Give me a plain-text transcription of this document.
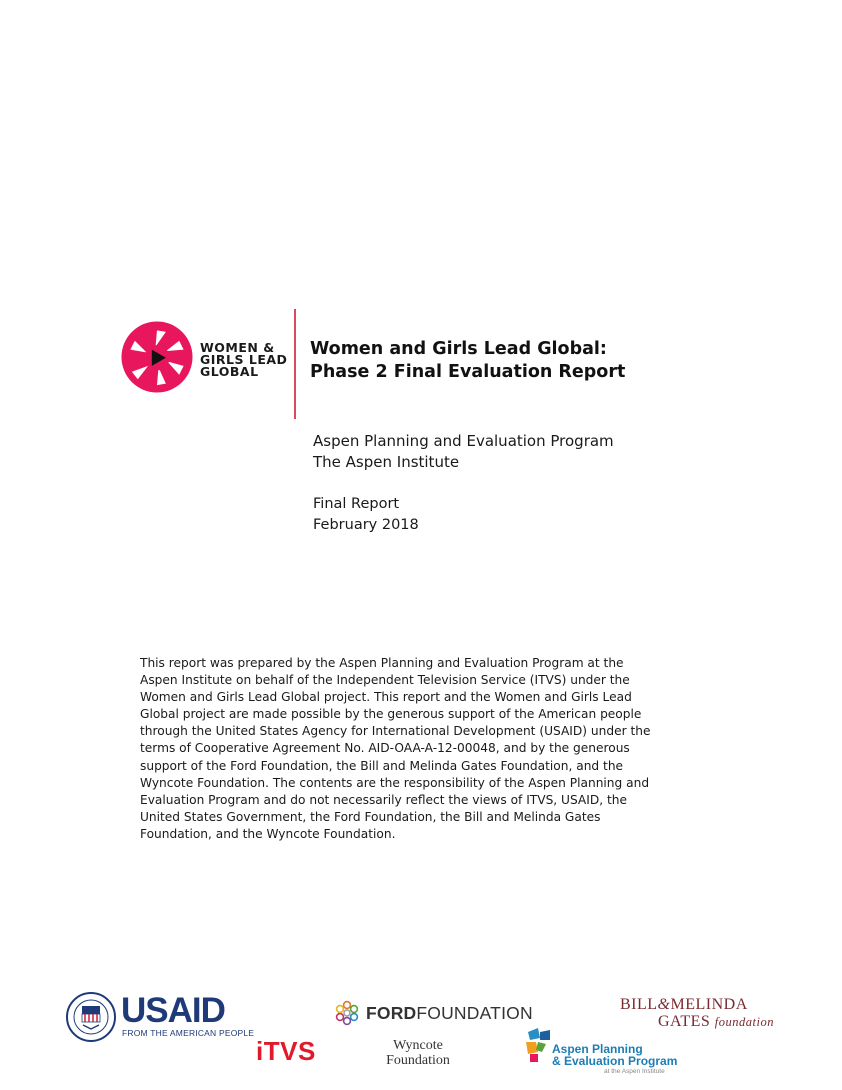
WOMEN &
GIRLS LEAD
GLOBAL
Women and Girls Lead Global:
Phase 2 Final Evaluation Report
Aspen Planning and Evaluation Program
The Aspen Institute
Final Report
February 2018
This report was prepared by the Aspen Planning and Evaluation Program at the
Aspen Institute on behalf of the Independent Television Service (ITVS) under the
Women and Girls Lead Global project. This report and the Women and Girls Lead
Global project are made possible by the generous support of the American people
through the United States Agency for International Development (USAID) under the
terms of Cooperative Agreement No. AID-OAA-A-12-00048, and by the generous
support of the Ford Foundation, the Bill and Melinda Gates Foundation, and the
Wyncote Foundation. The contents are the responsibility of the Aspen Planning and
Evaluation Program and do not necessarily reflect the views of ITVS, USAID, the
United States Government, the Ford Foundation, the Bill and Melinda Gates
Foundation, and the Wyncote Foundation.
USAID
FROM THE AMERICAN PEOPLE
iTVS
FORDFOUNDATION
Wyncote
Foundation
BILL&MELINDA
GATES foundation
Aspen Planning
& Evaluation Program
at the Aspen Institute
